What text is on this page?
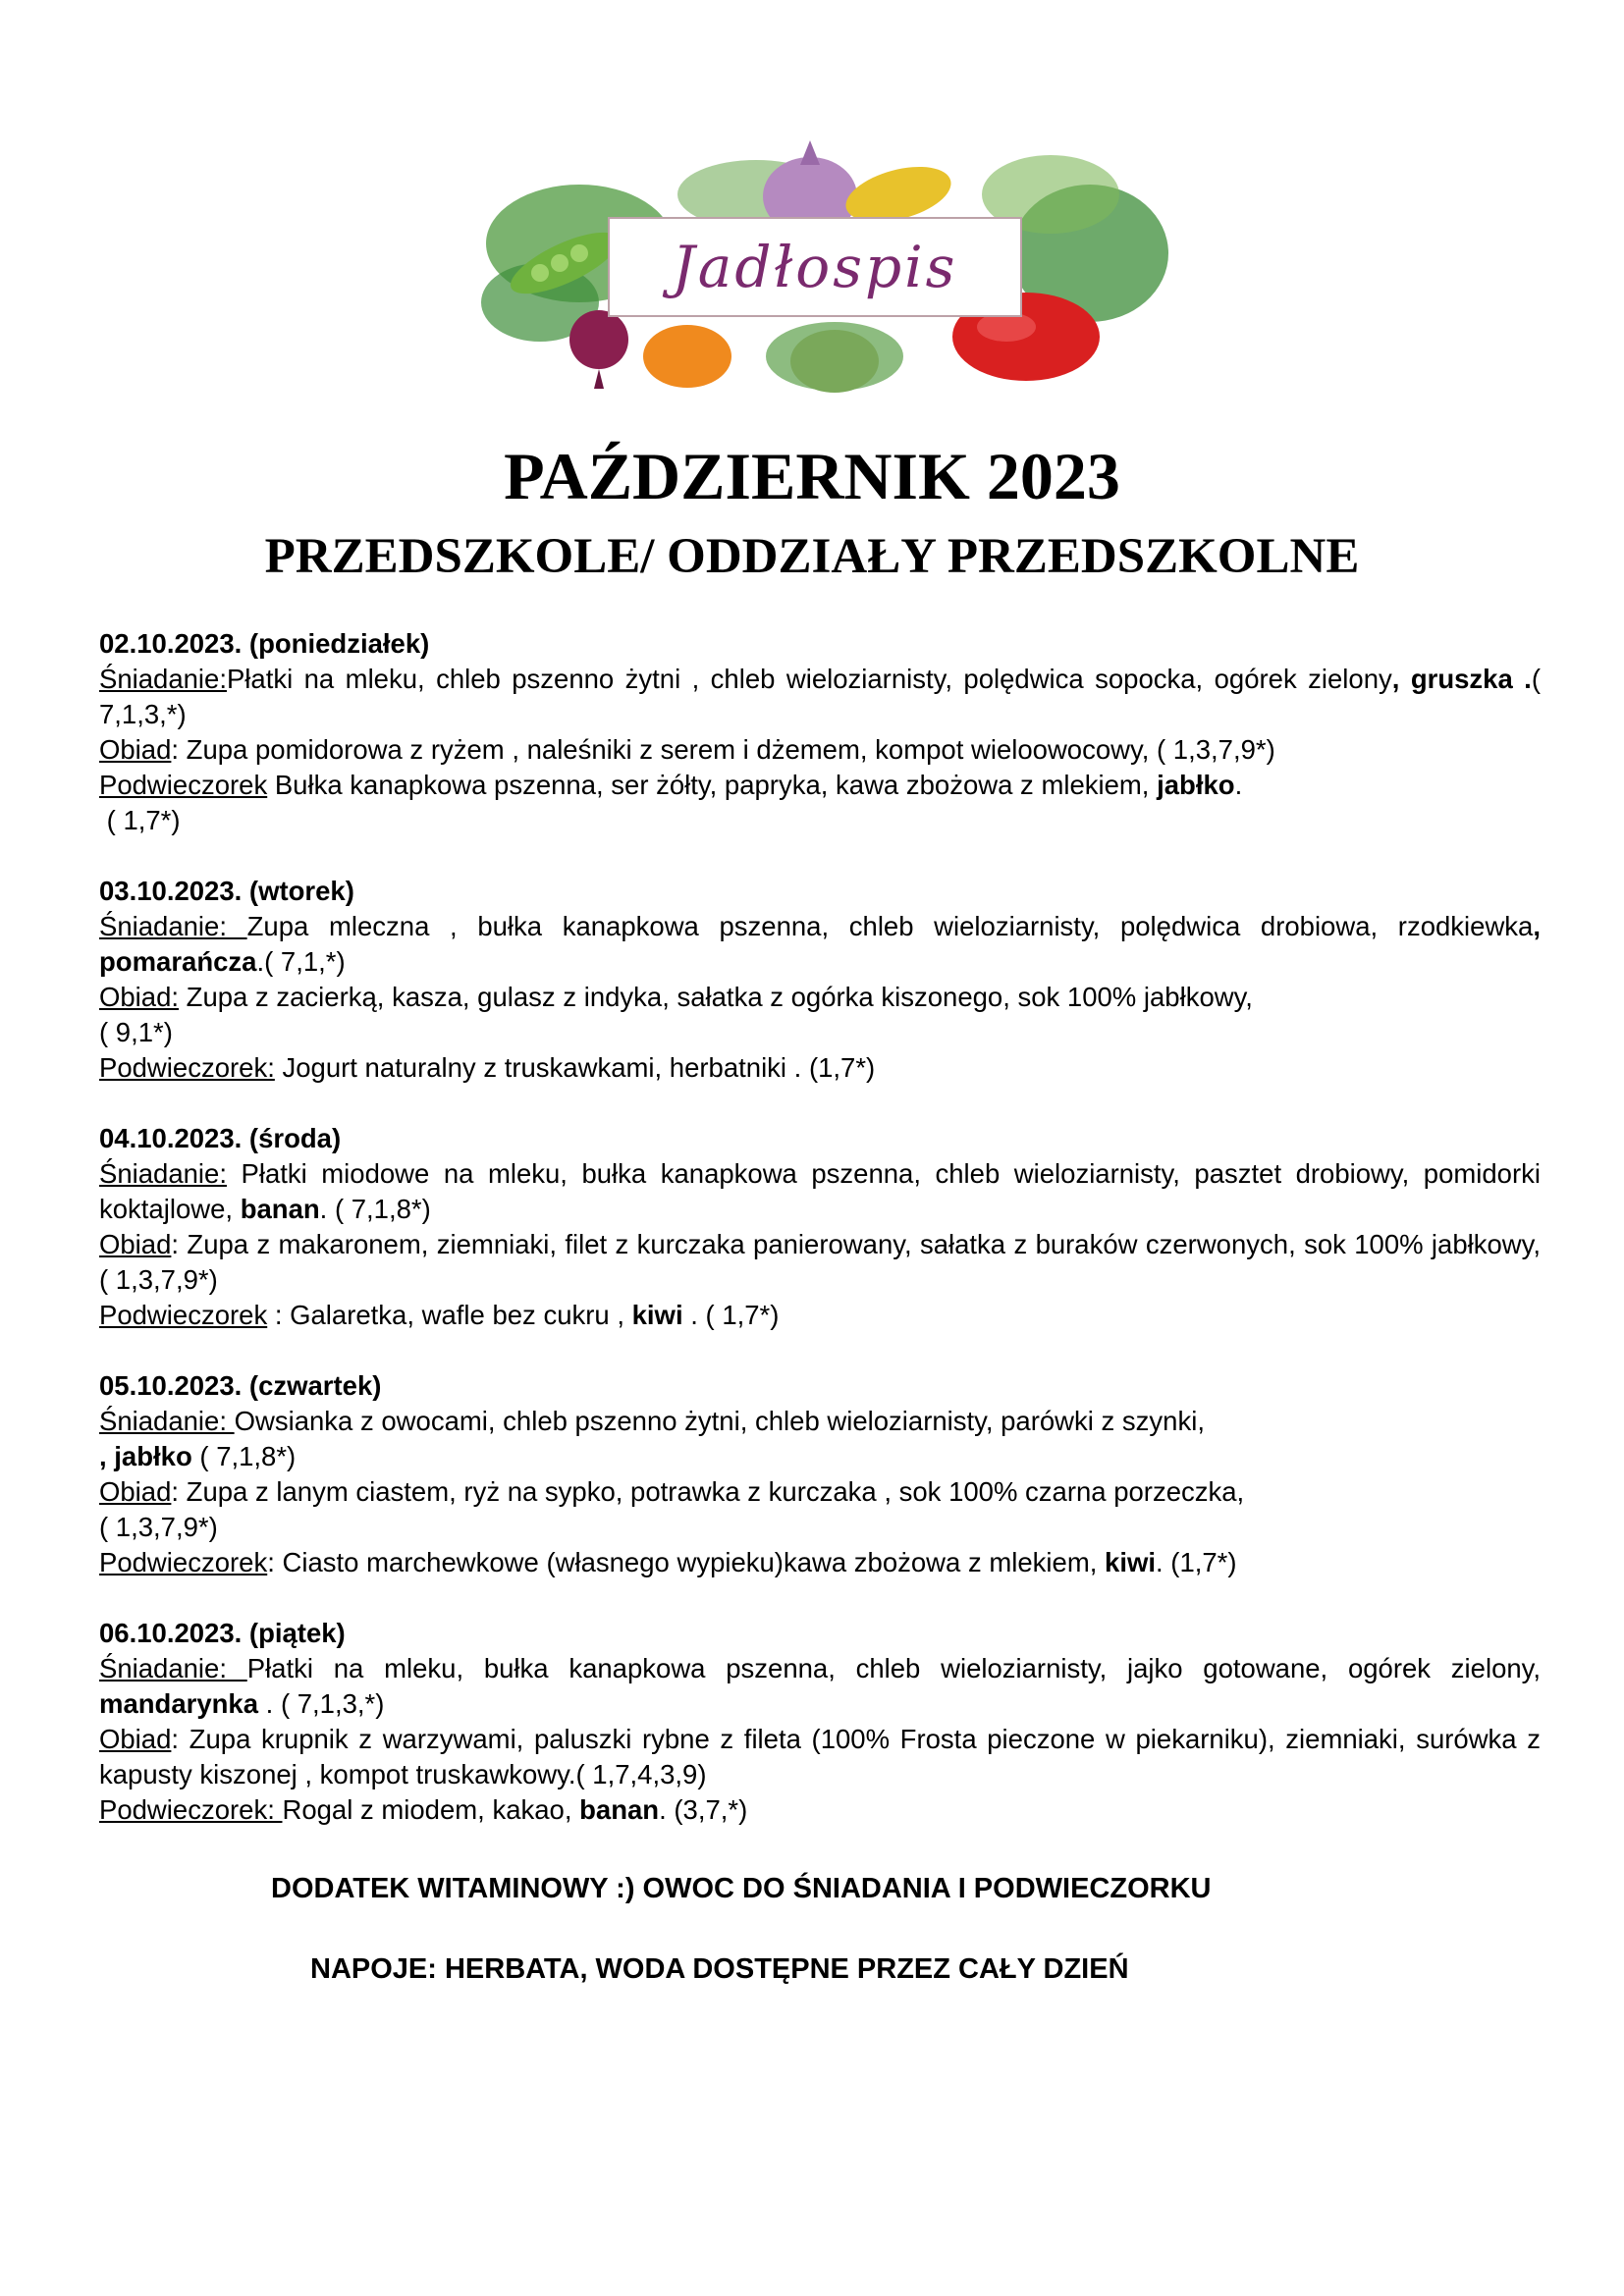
Jadłospis
PAŹDZIERNIK 2023
PRZEDSZKOLE/ ODDZIAŁY PRZEDSZKOLNE
02.10.2023. (poniedziałek)
Śniadanie:Płatki na mleku, chleb pszenno żytni , chleb wieloziarnisty, polędwica sopocka, ogórek zielony, gruszka .( 7,1,3,*)
Obiad: Zupa pomidorowa z ryżem , naleśniki z serem i dżemem, kompot wieloowocowy, ( 1,3,7,9*)
Podwieczorek Bułka kanapkowa pszenna, ser żółty, papryka, kawa zbożowa z mlekiem, jabłko.
( 1,7*)
03.10.2023. (wtorek)
Śniadanie: Zupa mleczna , bułka kanapkowa pszenna, chleb wieloziarnisty, polędwica drobiowa, rzodkiewka, pomarańcza.( 7,1,*)
Obiad: Zupa z zacierką, kasza, gulasz z indyka, sałatka z ogórka kiszonego, sok 100% jabłkowy,
( 9,1*)
Podwieczorek: Jogurt naturalny z truskawkami, herbatniki . (1,7*)
04.10.2023. (środa)
Śniadanie: Płatki miodowe na mleku, bułka kanapkowa pszenna, chleb wieloziarnisty, pasztet drobiowy, pomidorki koktajlowe, banan. ( 7,1,8*)
Obiad: Zupa z makaronem, ziemniaki, filet z kurczaka panierowany, sałatka z buraków czerwonych, sok 100% jabłkowy, ( 1,3,7,9*)
Podwieczorek : Galaretka, wafle bez cukru , kiwi . ( 1,7*)
05.10.2023. (czwartek)
Śniadanie: Owsianka z owocami, chleb pszenno żytni, chleb wieloziarnisty, parówki z szynki,
, jabłko ( 7,1,8*)
Obiad: Zupa z lanym ciastem, ryż na sypko, potrawka z kurczaka , sok 100% czarna porzeczka,
( 1,3,7,9*)
Podwieczorek: Ciasto marchewkowe (własnego wypieku)kawa zbożowa z mlekiem, kiwi. (1,7*)
06.10.2023. (piątek)
Śniadanie: Płatki na mleku, bułka kanapkowa pszenna, chleb wieloziarnisty, jajko gotowane, ogórek zielony, mandarynka . ( 7,1,3,*)
Obiad: Zupa krupnik z warzywami, paluszki rybne z fileta (100% Frosta pieczone w piekarniku), ziemniaki, surówka z kapusty kiszonej , kompot truskawkowy.( 1,7,4,3,9)
Podwieczorek: Rogal z miodem, kakao, banan. (3,7,*)

DODATEK WITAMINOWY :) OWOC DO ŚNIADANIA I PODWIECZORKU

NAPOJE: HERBATA, WODA DOSTĘPNE PRZEZ CAŁY DZIEŃ
